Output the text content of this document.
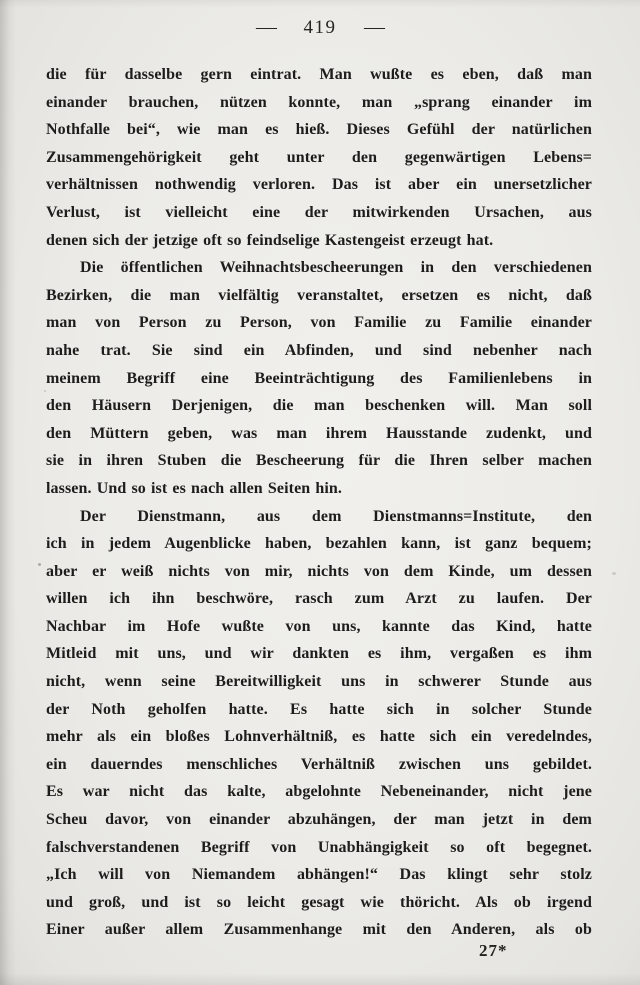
— 419 —
die für dasselbe gern eintrat. Man wußte es eben, daß man
einander brauchen, nützen konnte, man „sprang einander im
Nothfalle bei“, wie man es hieß. Dieses Gefühl der natürlichen
Zusammengehörigkeit geht unter den gegenwärtigen Lebens=
verhältnissen nothwendig verloren. Das ist aber ein unersetzlicher
Verlust, ist vielleicht eine der mitwirkenden Ursachen, aus
denen sich der jetzige oft so feindselige Kastengeist erzeugt hat.
Die öffentlichen Weihnachtsbescheerungen in den verschiedenen
Bezirken, die man vielfältig veranstaltet, ersetzen es nicht, daß
man von Person zu Person, von Familie zu Familie einander
nahe trat. Sie sind ein Abfinden, und sind nebenher nach
meinem Begriff eine Beeinträchtigung des Familienlebens in
den Häusern Derjenigen, die man beschenken will. Man soll
den Müttern geben, was man ihrem Hausstande zudenkt, und
sie in ihren Stuben die Bescheerung für die Ihren selber machen
lassen. Und so ist es nach allen Seiten hin.
Der Dienstmann, aus dem Dienstmanns=Institute, den
ich in jedem Augenblicke haben, bezahlen kann, ist ganz bequem;
aber er weiß nichts von mir, nichts von dem Kinde, um dessen
willen ich ihn beschwöre, rasch zum Arzt zu laufen. Der
Nachbar im Hofe wußte von uns, kannte das Kind, hatte
Mitleid mit uns, und wir dankten es ihm, vergaßen es ihm
nicht, wenn seine Bereitwilligkeit uns in schwerer Stunde aus
der Noth geholfen hatte. Es hatte sich in solcher Stunde
mehr als ein bloßes Lohnverhältniß, es hatte sich ein veredelndes,
ein dauerndes menschliches Verhältniß zwischen uns gebildet.
Es war nicht das kalte, abgelohnte Nebeneinander, nicht jene
Scheu davor, von einander abzuhängen, der man jetzt in dem
falschverstandenen Begriff von Unabhängigkeit so oft begegnet.
„Ich will von Niemandem abhängen!“ Das klingt sehr stolz
und groß, und ist so leicht gesagt wie thöricht. Als ob irgend
Einer außer allem Zusammenhange mit den Anderen, als ob
27*
